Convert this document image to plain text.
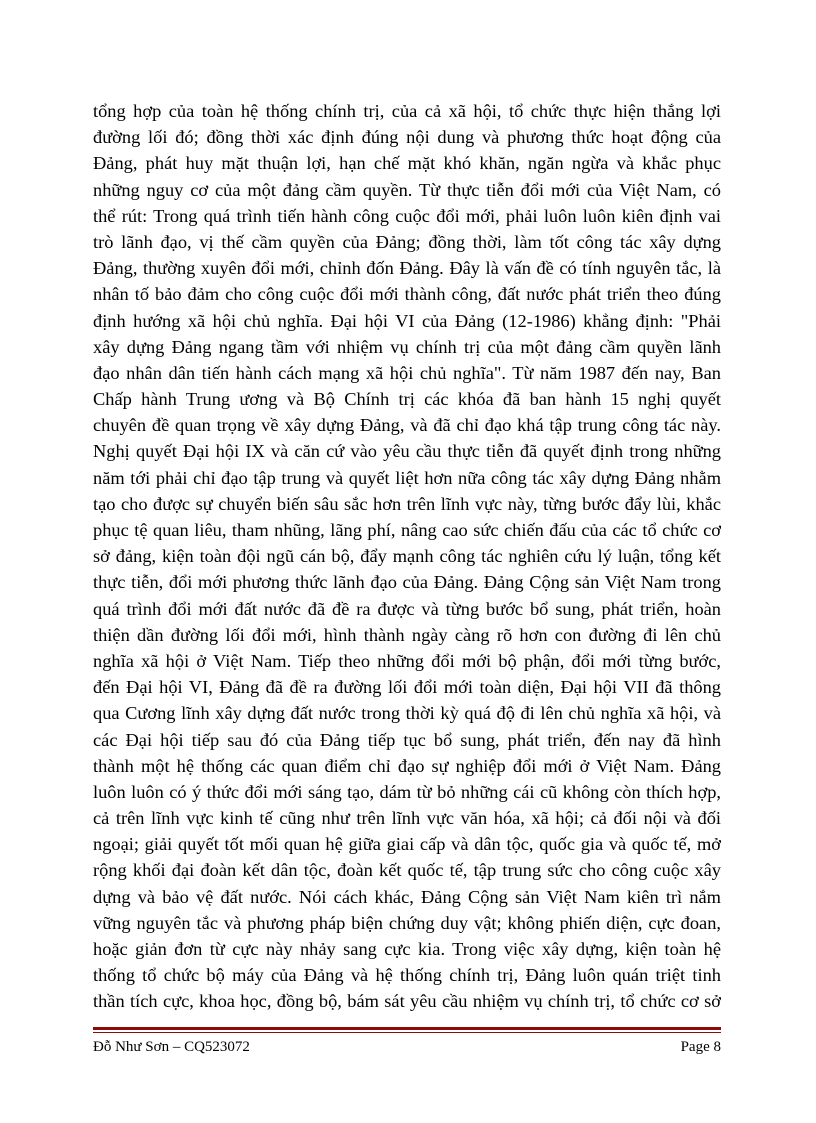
tổng hợp của toàn hệ thống chính trị, của cả xã hội, tổ chức thực hiện thắng lợi
đường lối đó; đồng thời xác định đúng nội dung và phương thức hoạt động của
Đảng, phát huy mặt thuận lợi, hạn chế mặt khó khăn, ngăn ngừa và khắc phục
những nguy cơ của một đảng cầm quyền. Từ thực tiễn đổi mới của Việt Nam, có
thể rút: Trong quá trình tiến hành công cuộc đổi mới, phải luôn luôn kiên định vai
trò lãnh đạo, vị thế cầm quyền của Đảng; đồng thời, làm tốt công tác xây dựng
Đảng, thường xuyên đổi mới, chỉnh đốn Đảng. Đây là vấn đề có tính nguyên tắc, là
nhân tố bảo đảm cho công cuộc đổi mới thành công, đất nước phát triển theo đúng
định hướng xã hội chủ nghĩa. Đại hội VI của Đảng (12-1986) khẳng định: "Phải
xây dựng Đảng ngang tầm với nhiệm vụ chính trị của một đảng cầm quyền lãnh
đạo nhân dân tiến hành cách mạng xã hội chủ nghĩa". Từ năm 1987 đến nay, Ban
Chấp hành Trung ương và Bộ Chính trị các khóa đã ban hành 15 nghị quyết
chuyên đề quan trọng về xây dựng Đảng, và đã chỉ đạo khá tập trung công tác này.
Nghị quyết Đại hội IX và căn cứ vào yêu cầu thực tiễn đã quyết định trong những
năm tới phải chỉ đạo tập trung và quyết liệt hơn nữa công tác xây dựng Đảng nhằm
tạo cho được sự chuyển biến sâu sắc hơn trên lĩnh vực này, từng bước đẩy lùi, khắc
phục tệ quan liêu, tham nhũng, lãng phí, nâng cao sức chiến đấu của các tổ chức cơ
sở đảng, kiện toàn đội ngũ cán bộ, đẩy mạnh công tác nghiên cứu lý luận, tổng kết
thực tiễn, đổi mới phương thức lãnh đạo của Đảng. Đảng Cộng sản Việt Nam trong
quá trình đổi mới đất nước đã đề ra được và từng bước bổ sung, phát triển, hoàn
thiện dần đường lối đổi mới, hình thành ngày càng rõ hơn con đường đi lên chủ
nghĩa xã hội ở Việt Nam. Tiếp theo những đổi mới bộ phận, đổi mới từng bước,
đến Đại hội VI, Đảng đã đề ra đường lối đổi mới toàn diện, Đại hội VII đã thông
qua Cương lĩnh xây dựng đất nước trong thời kỳ quá độ đi lên chủ nghĩa xã hội, và
các Đại hội tiếp sau đó của Đảng tiếp tục bổ sung, phát triển, đến nay đã hình
thành một hệ thống các quan điểm chỉ đạo sự nghiệp đổi mới ở Việt Nam. Đảng
luôn luôn có ý thức đổi mới sáng tạo, dám từ bỏ những cái cũ không còn thích hợp,
cả trên lĩnh vực kinh tế cũng như trên lĩnh vực văn hóa, xã hội; cả đối nội và đối
ngoại; giải quyết tốt mối quan hệ giữa giai cấp và dân tộc, quốc gia và quốc tế, mở
rộng khối đại đoàn kết dân tộc, đoàn kết quốc tế, tập trung sức cho công cuộc xây
dựng và bảo vệ đất nước. Nói cách khác, Đảng Cộng sản Việt Nam kiên trì nắm
vững nguyên tắc và phương pháp biện chứng duy vật; không phiến diện, cực đoan,
hoặc giản đơn từ cực này nhảy sang cực kia. Trong việc xây dựng, kiện toàn hệ
thống tổ chức bộ máy của Đảng và hệ thống chính trị, Đảng luôn quán triệt tinh
thần tích cực, khoa học, đồng bộ, bám sát yêu cầu nhiệm vụ chính trị, tổ chức cơ sở
Đỗ Như Sơn – CQ523072	Page 8
